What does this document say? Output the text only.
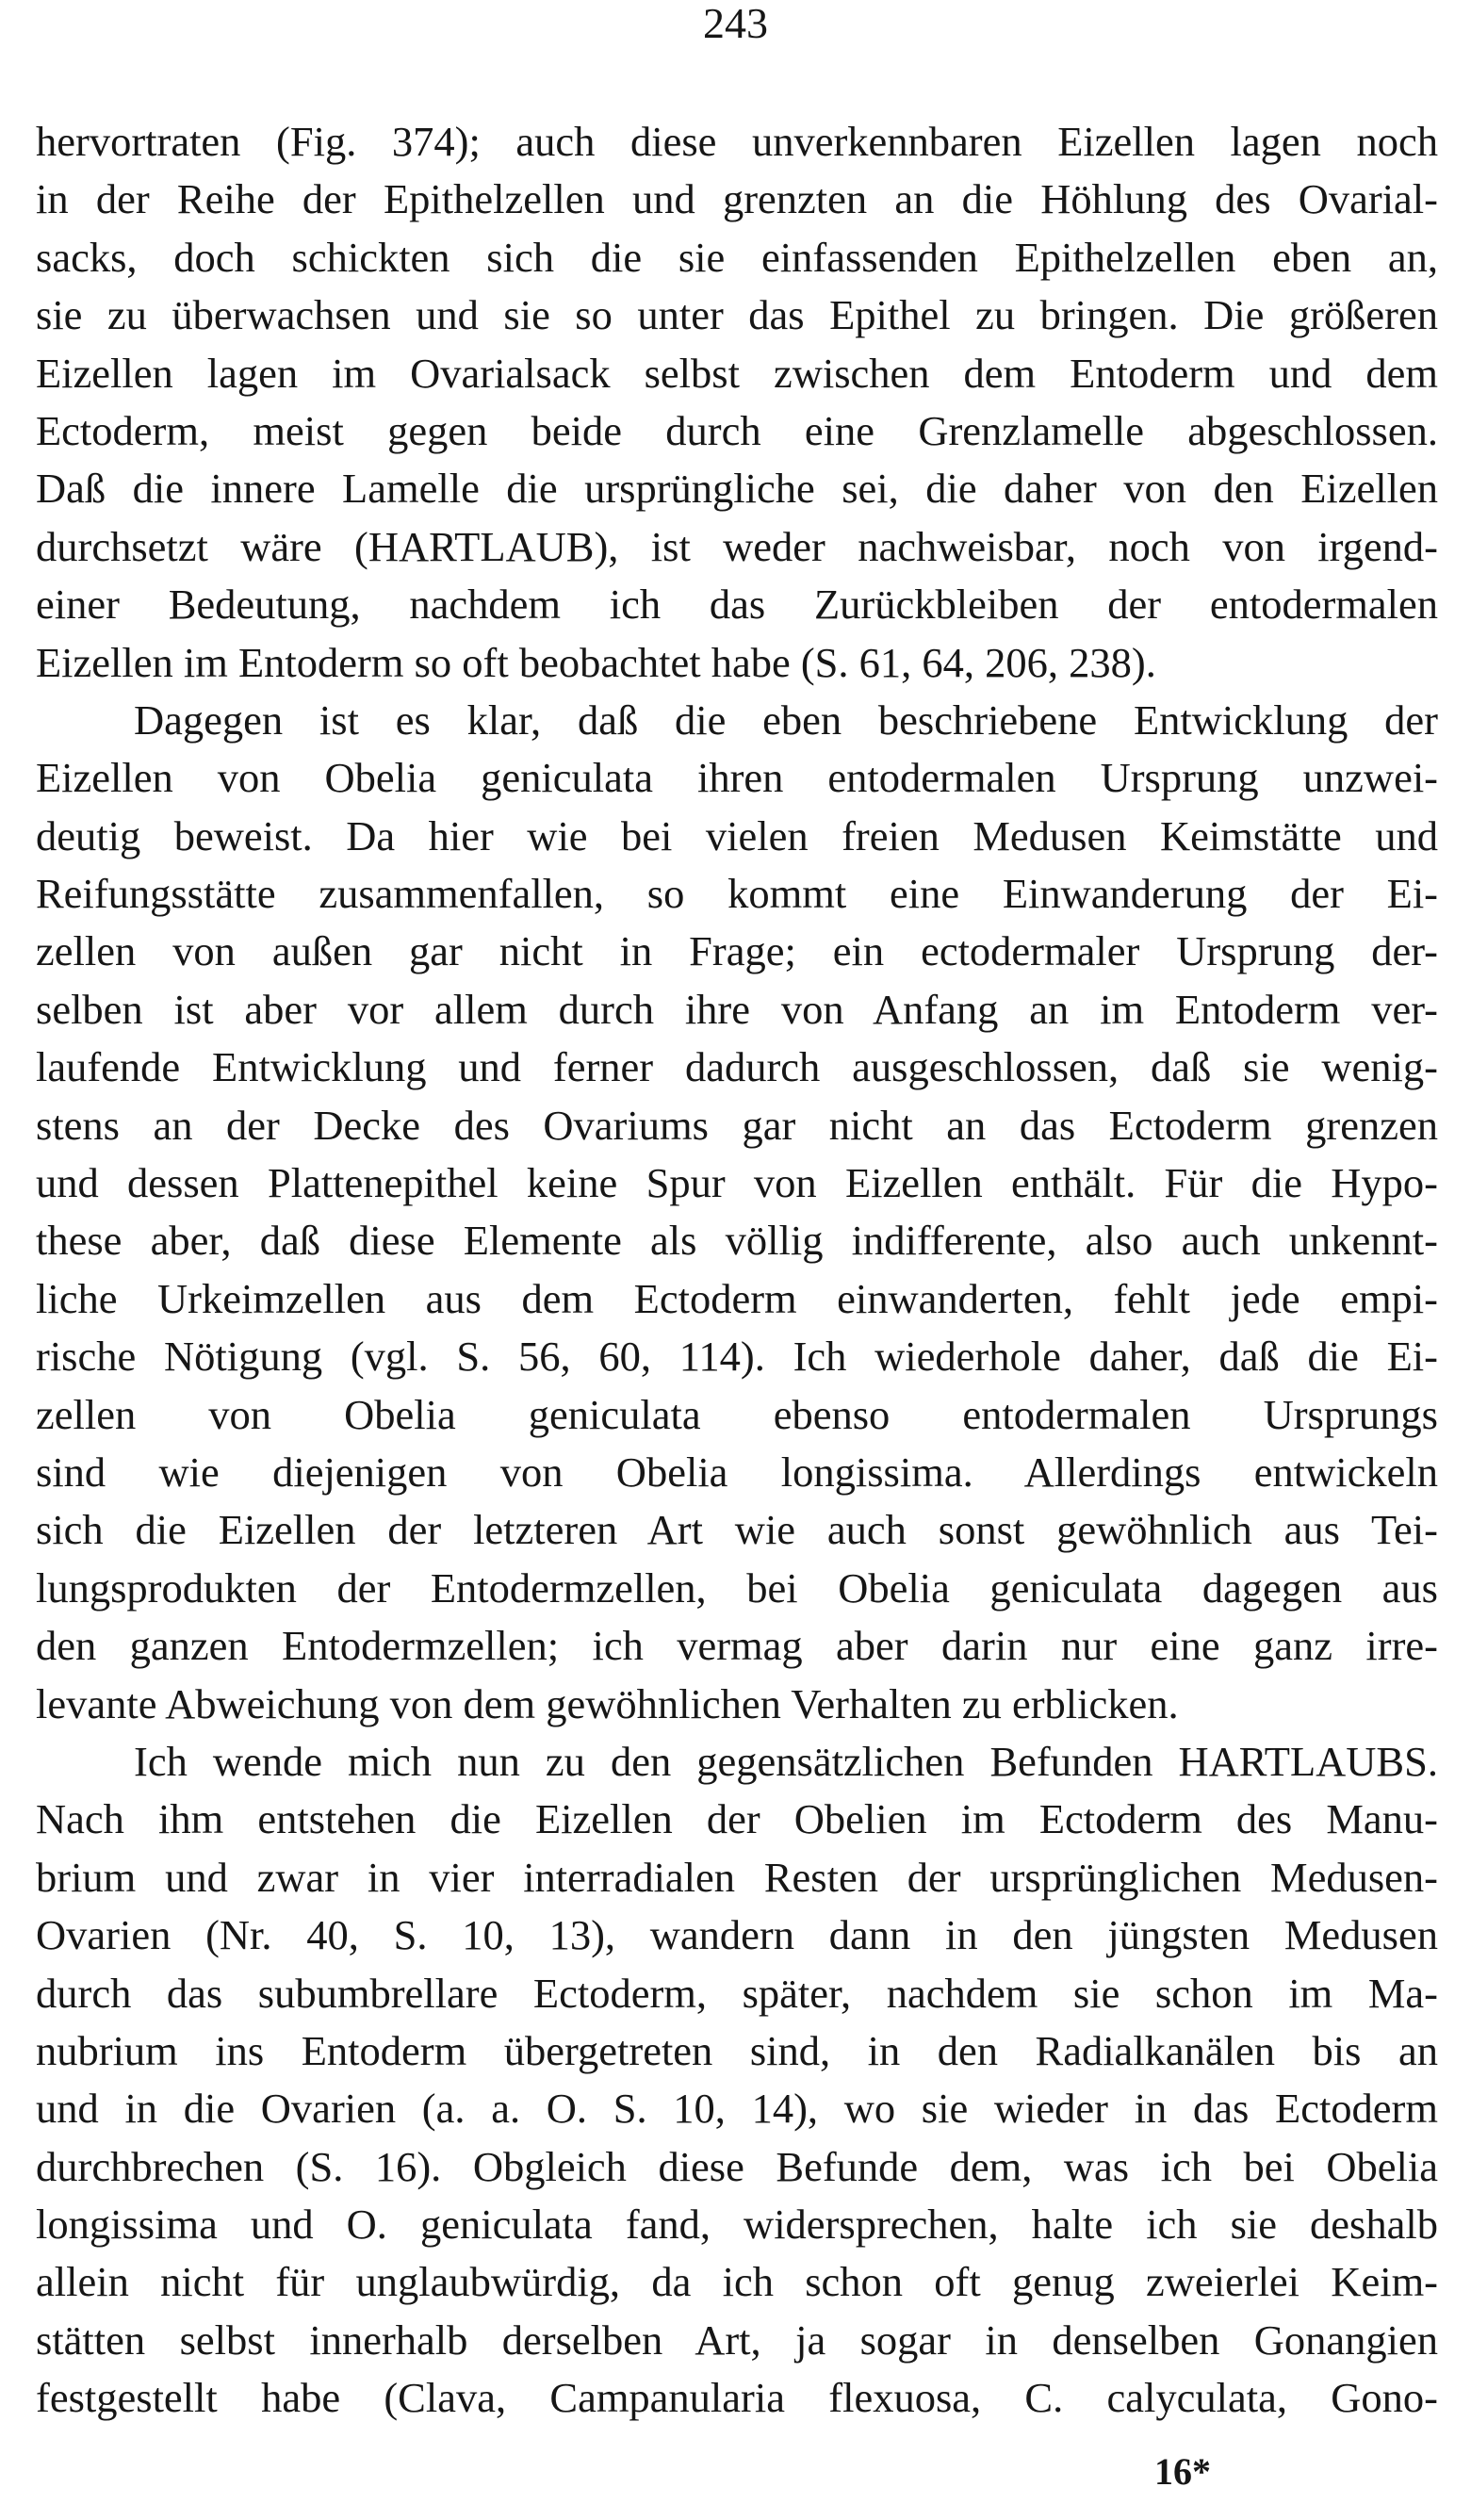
243
hervortraten (Fig. 374); auch diese unverkennbaren Eizellen lagen noch
in der Reihe der Epithelzellen und grenzten an die Höhlung des Ovarial-
sacks, doch schickten sich die sie einfassenden Epithelzellen eben an,
sie zu überwachsen und sie so unter das Epithel zu bringen. Die größeren
Eizellen lagen im Ovarialsack selbst zwischen dem Entoderm und dem
Ectoderm, meist gegen beide durch eine Grenzlamelle abgeschlossen.
Daß die innere Lamelle die ursprüngliche sei, die daher von den Eizellen
durchsetzt wäre (HARTLAUB), ist weder nachweisbar, noch von irgend-
einer Bedeutung, nachdem ich das Zurückbleiben der entodermalen
Eizellen im Entoderm so oft beobachtet habe (S. 61, 64, 206, 238).
Dagegen ist es klar, daß die eben beschriebene Entwicklung der
Eizellen von Obelia geniculata ihren entodermalen Ursprung unzwei-
deutig beweist. Da hier wie bei vielen freien Medusen Keimstätte und
Reifungsstätte zusammenfallen, so kommt eine Einwanderung der Ei-
zellen von außen gar nicht in Frage; ein ectodermaler Ursprung der-
selben ist aber vor allem durch ihre von Anfang an im Entoderm ver-
laufende Entwicklung und ferner dadurch ausgeschlossen, daß sie wenig-
stens an der Decke des Ovariums gar nicht an das Ectoderm grenzen
und dessen Plattenepithel keine Spur von Eizellen enthält. Für die Hypo-
these aber, daß diese Elemente als völlig indifferente, also auch unkennt-
liche Urkeimzellen aus dem Ectoderm einwanderten, fehlt jede empi-
rische Nötigung (vgl. S. 56, 60, 114). Ich wiederhole daher, daß die Ei-
zellen von Obelia geniculata ebenso entodermalen Ursprungs
sind wie diejenigen von Obelia longissima. Allerdings entwickeln
sich die Eizellen der letzteren Art wie auch sonst gewöhnlich aus Tei-
lungsprodukten der Entodermzellen, bei Obelia geniculata dagegen aus
den ganzen Entodermzellen; ich vermag aber darin nur eine ganz irre-
levante Abweichung von dem gewöhnlichen Verhalten zu erblicken.
Ich wende mich nun zu den gegensätzlichen Befunden HARTLAUBS.
Nach ihm entstehen die Eizellen der Obelien im Ectoderm des Manu-
brium und zwar in vier interradialen Resten der ursprünglichen Medusen-
Ovarien (Nr. 40, S. 10, 13), wandern dann in den jüngsten Medusen
durch das subumbrellare Ectoderm, später, nachdem sie schon im Ma-
nubrium ins Entoderm übergetreten sind, in den Radialkanälen bis an
und in die Ovarien (a. a. O. S. 10, 14), wo sie wieder in das Ectoderm
durchbrechen (S. 16). Obgleich diese Befunde dem, was ich bei Obelia
longissima und O. geniculata fand, widersprechen, halte ich sie deshalb
allein nicht für unglaubwürdig, da ich schon oft genug zweierlei Keim-
stätten selbst innerhalb derselben Art, ja sogar in denselben Gonangien
festgestellt habe (Clava, Campanularia flexuosa, C. calyculata, Gono-
16*
